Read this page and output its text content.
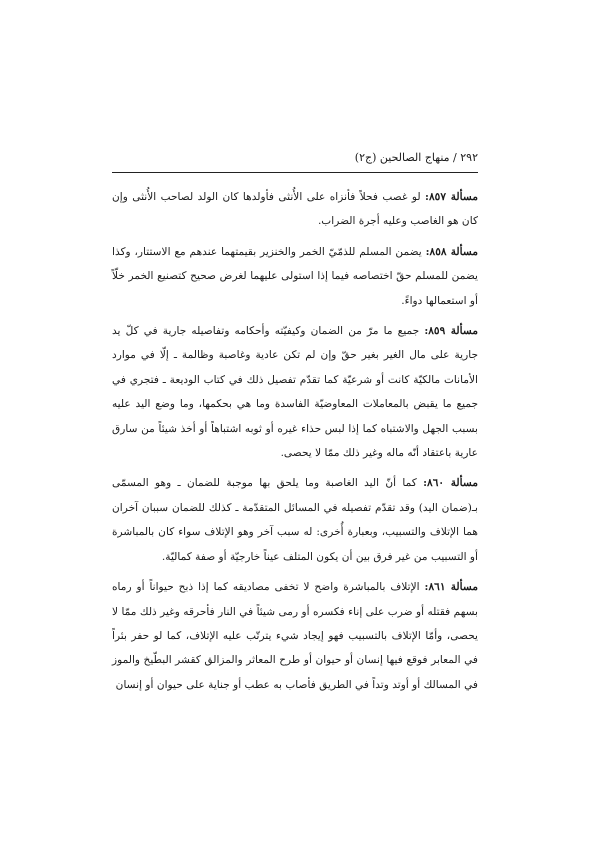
٢٩٢ / منهاج الصالحين (ج٢)

مسألة ٨٥٧: لو غصب فحلاً فأنزاه على الأُنثى فأولدها كان الولد لصاحب الأُنثى وإن كان هو الغاصب وعليه أجرة الضراب.

مسألة ٨٥٨: يضمن المسلم للذمّيّ الخمر والخنزير بقيمتهما عندهم مع الاستتار، وكذا يضمن للمسلم حقّ اختصاصه فيما إذا استولى عليهما لغرض صحيح كتصنيع الخمر خلّاً أو استعمالها دواءً.

مسألة ٨٥٩: جميع ما مرّ من الضمان وكيفيّته وأحكامه وتفاصيله جارية في كلّ يد جارية على مال الغير بغير حقّ وإن لم تكن عادية وغاصبة وظالمة ـ إلّا في موارد الأمانات مالكيّة كانت أو شرعيّة كما تقدّم تفصيل ذلك في كتاب الوديعة ـ فتجري في جميع ما يقبض بالمعاملات المعاوضيّة الفاسدة وما هي بحكمها، وما وضع اليد عليه بسبب الجهل والاشتباه كما إذا لبس حذاء غيره أو ثوبه اشتباهاً أو أخذ شيئاً من سارق عارية باعتقاد أنّه ماله وغير ذلك ممّا لا يحصى.

مسألة ٨٦٠: كما أنّ اليد الغاصبة وما يلحق بها موجبة للضمان ـ وهو المسمّى بـ(ضمان اليد) وقد تقدّم تفصيله في المسائل المتقدّمة ـ كذلك للضمان سببان آخران هما الإتلاف والتسبيب، وبعبارة أُخرى: له سبب آخر وهو الإتلاف سواء كان بالمباشرة أو التسبيب من غير فرق بين أن يكون المتلف عيناً خارجيّة أو صفة كماليّة.

مسألة ٨٦١: الإتلاف بالمباشرة واضح لا تخفى مصاديقه كما إذا ذبح حيواناً أو رماه بسهم فقتله أو ضرب على إناء فكسره أو رمى شيئاً في النار فأحرقه وغير ذلك ممّا لا يحصى، وأمّا الإتلاف بالتسبيب فهو إيجاد شيء يترتّب عليه الإتلاف، كما لو حفر بئراً في المعابر فوقع فيها إنسان أو حيوان أو طرح المعاثر والمزالق كقشر البطّيخ والموز في المسالك أو أوتد وتداً في الطريق فأصاب به عطب أو جناية على حيوان أو إنسان
